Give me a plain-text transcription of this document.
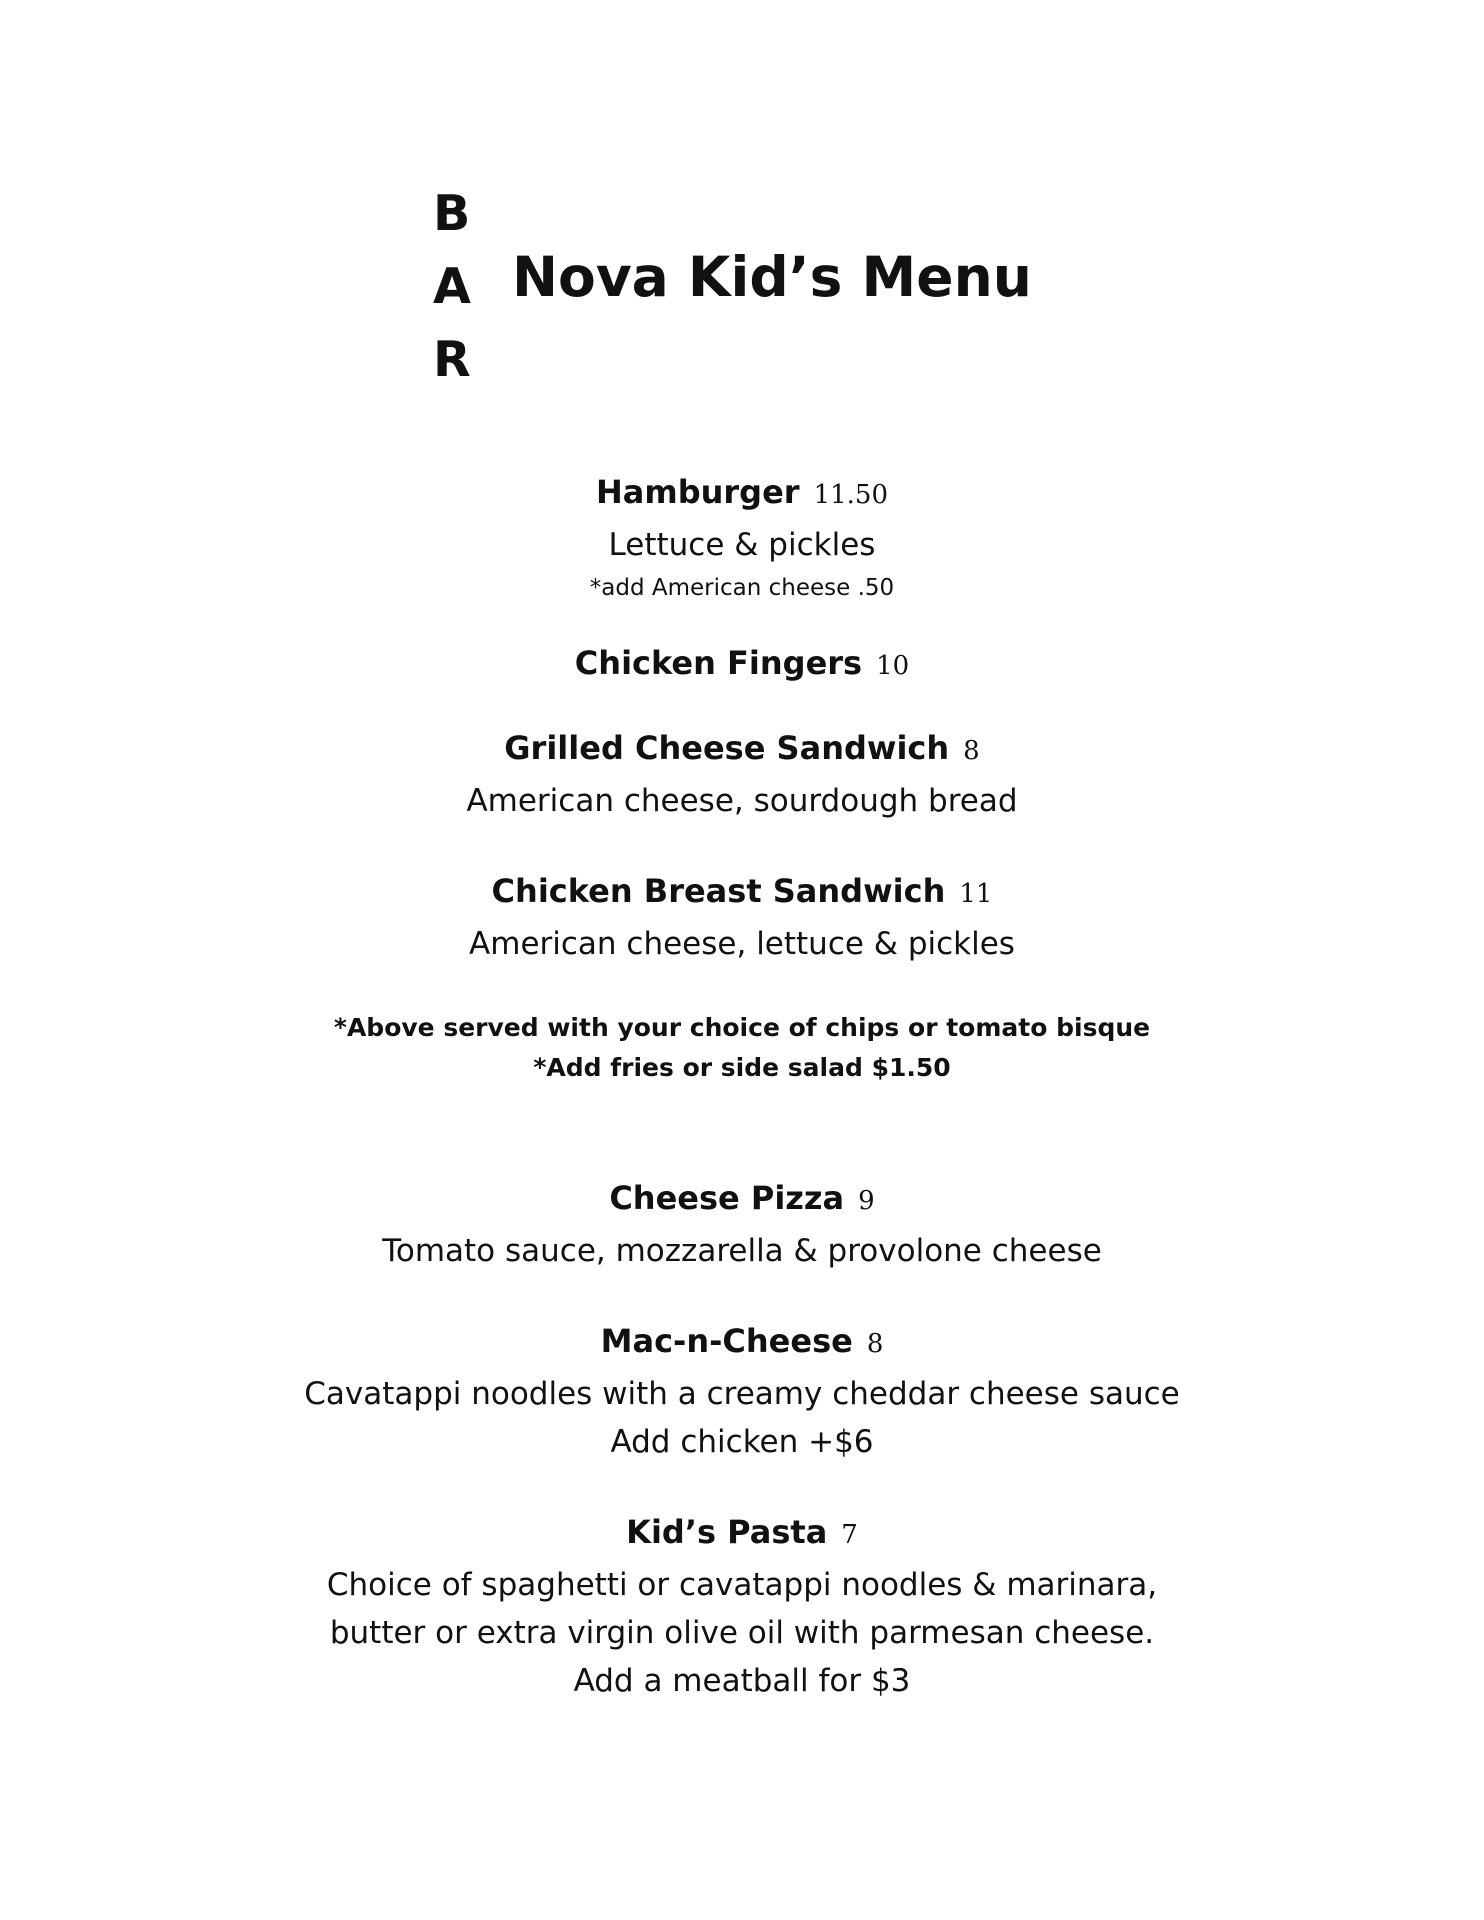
B
A
R
Nova Kid’s Menu
Hamburger 11.50
Lettuce & pickles
*add American cheese .50
Chicken Fingers 10
Grilled Cheese Sandwich 8
American cheese, sourdough bread
Chicken Breast Sandwich 11
American cheese, lettuce & pickles
*Above served with your choice of chips or tomato bisque
*Add fries or side salad $1.50
Cheese Pizza 9
Tomato sauce, mozzarella & provolone cheese
Mac-n-Cheese 8
Cavatappi noodles with a creamy cheddar cheese sauce
Add chicken +$6
Kid’s Pasta 7
Choice of spaghetti or cavatappi noodles & marinara,
butter or extra virgin olive oil with parmesan cheese.
Add a meatball for $3
